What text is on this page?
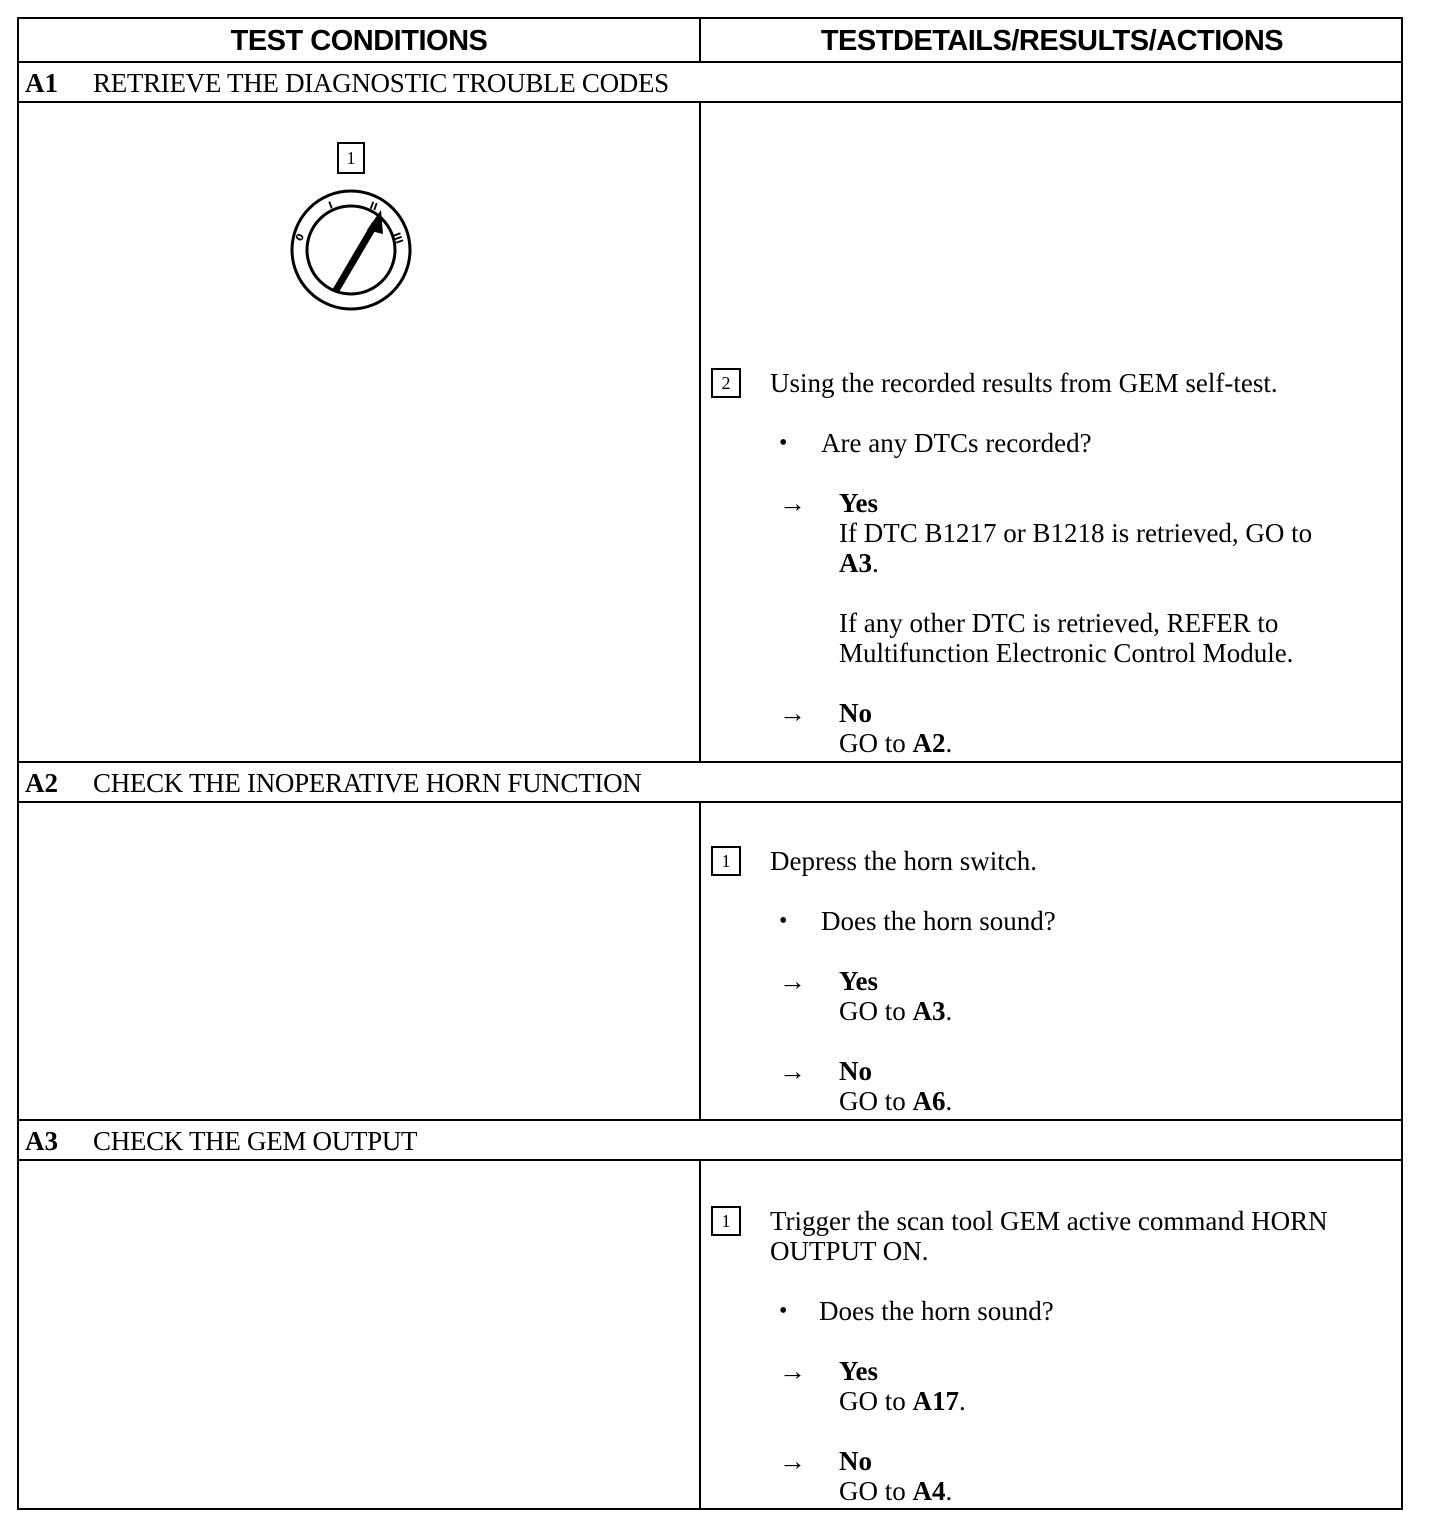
TEST CONDITIONS	TESTDETAILS/RESULTS/ACTIONS
A1 RETRIEVE THE DIAGNOSTIC TROUBLE CODES
1
0
I	II
III
2	Using the recorded results from GEM self-test.
• Are any DTCs recorded?
→ Yes
If DTC B1217 or B1218 is retrieved, GO to
A3.
If any other DTC is retrieved, REFER to
Multifunction Electronic Control Module.
→ No
GO to A2.
A2 CHECK THE INOPERATIVE HORN FUNCTION
1	Depress the horn switch.
• Does the horn sound?
→ Yes
GO to A3.
→ No
GO to A6.
A3 CHECK THE GEM OUTPUT
1	Trigger the scan tool GEM active command HORN
OUTPUT ON.
• Does the horn sound?
→ Yes
GO to A17.
→ No
GO to A4.
